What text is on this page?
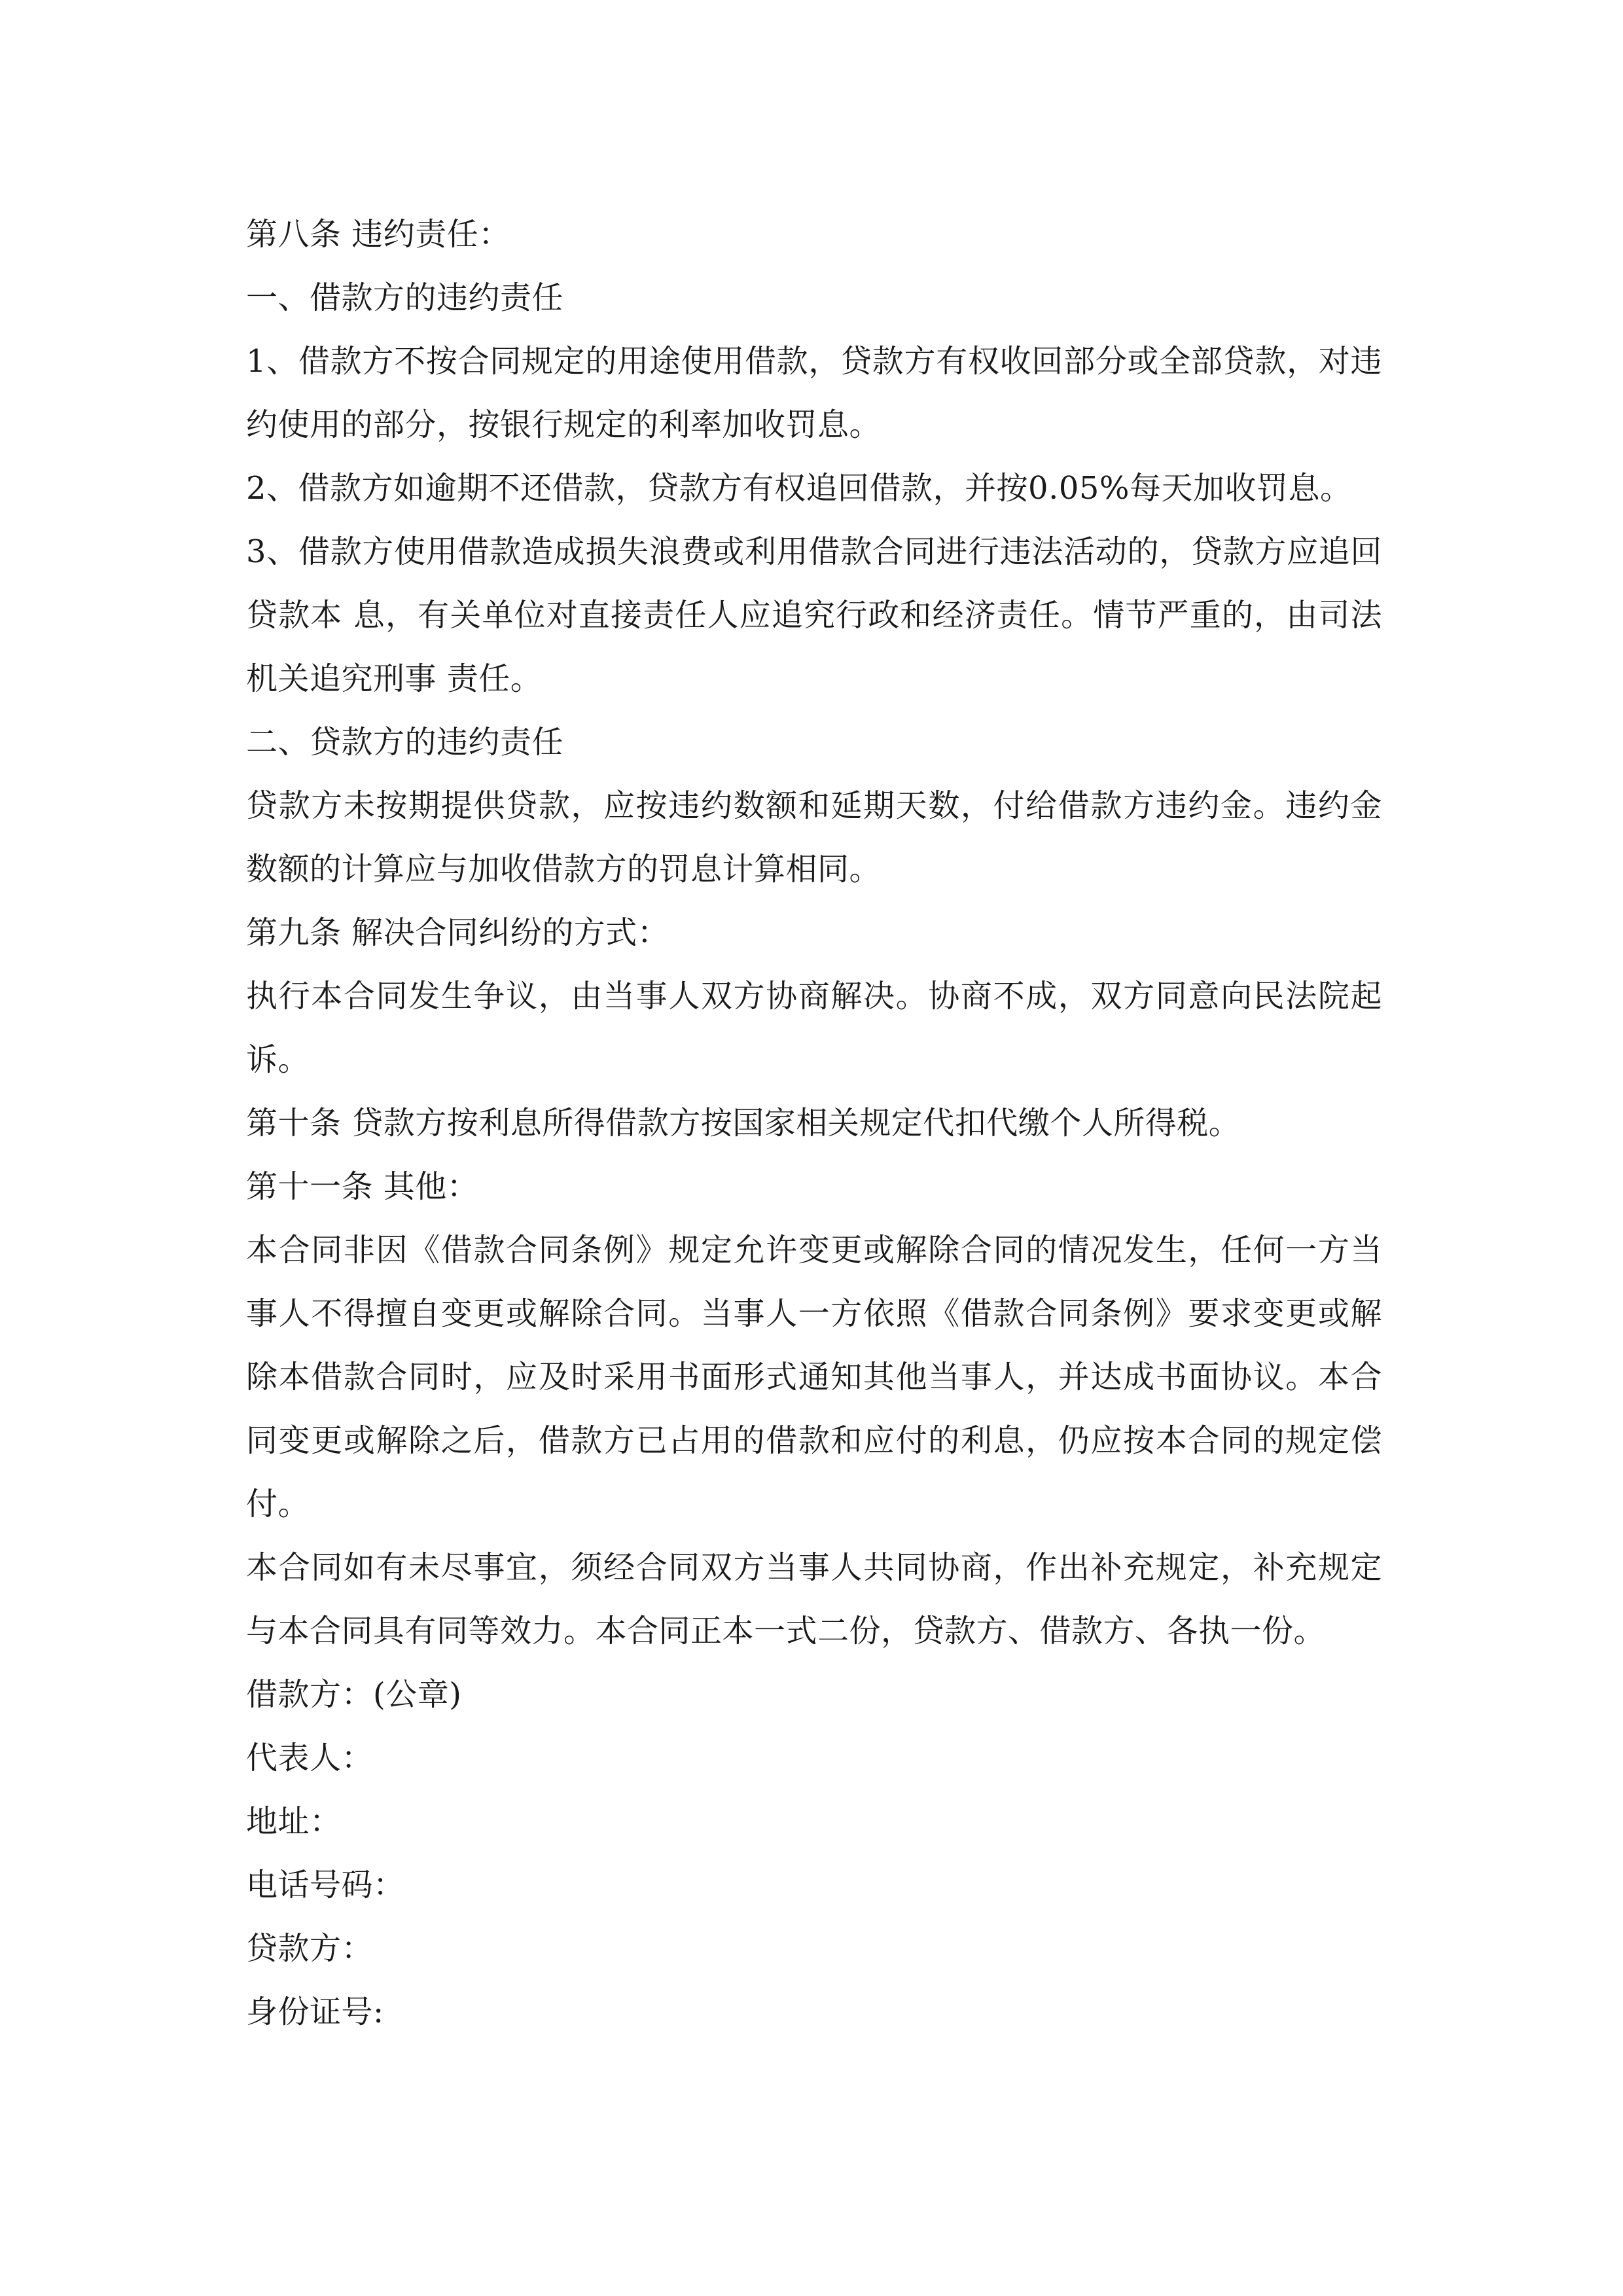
第八条 违约责任：

一、借款方的违约责任

1、借款方不按合同规定的用途使用借款，贷款方有权收回部分或全部贷款，对违约使用的部分，按银行规定的利率加收罚息。

2、借款方如逾期不还借款，贷款方有权追回借款，并按0.05%每天加收罚息。

3、借款方使用借款造成损失浪费或利用借款合同进行违法活动的，贷款方应追回贷款本 息，有关单位对直接责任人应追究行政和经济责任。情节严重的，由司法机关追究刑事 责任。

二、贷款方的违约责任

贷款方未按期提供贷款，应按违约数额和延期天数，付给借款方违约金。违约金数额的计算应与加收借款方的罚息计算相同。

第九条 解决合同纠纷的方式：

执行本合同发生争议，由当事人双方协商解决。协商不成，双方同意向民法院起诉。

第十条 贷款方按利息所得借款方按国家相关规定代扣代缴个人所得税。

第十一条 其他：

本合同非因《借款合同条例》规定允许变更或解除合同的情况发生，任何一方当事人不得擅自变更或解除合同。当事人一方依照《借款合同条例》要求变更或解除本借款合同时，应及时采用书面形式通知其他当事人，并达成书面协议。本合同变更或解除之后，借款方已占用的借款和应付的利息，仍应按本合同的规定偿付。

本合同如有未尽事宜，须经合同双方当事人共同协商，作出补充规定，补充规定与本合同具有同等效力。本合同正本一式二份，贷款方、借款方、各执一份。

借款方：(公章)

代表人：

地址：

电话号码：

贷款方：

身份证号:
